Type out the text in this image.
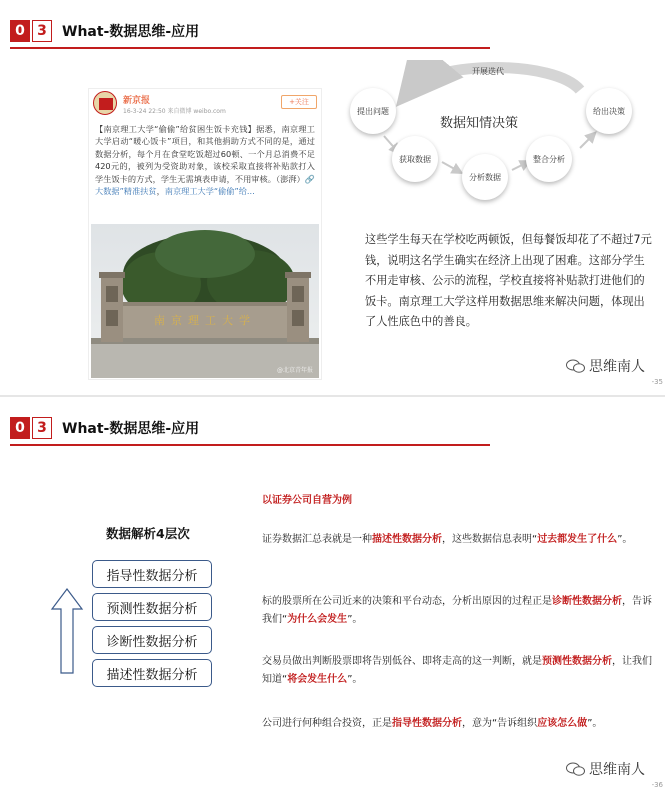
0 3	What-数据思维-应用
新京报
16-3-24 22:50 来自微博 weibo.com
+关注
【南京理工大学“偷偷”给贫困生饭卡充钱】据悉，南京理工大学启动“暖心饭卡”项目，和其他捐助方式不同的是，通过数据分析，每个月在食堂吃饭超过60顿、一个月总消费不足420元的，被列为受资助对象，该校采取直接将补贴款打入学生饭卡的方式，学生无需填表申请，不用审核。（澎湃）🔗大数据”精准扶贫，南京理工大学“偷偷”给...
南京理工大学
@北京青年报
开展迭代
数据知情决策
提出问题
获取数据
分析数据
整合分析
给出决策
这些学生每天在学校吃两顿饭，但每餐饭却花了不超过7元钱，说明这名学生确实在经济上出现了困难。这部分学生不用走审核、公示的流程，学校直接将补贴款打进他们的饭卡。南京理工大学这样用数据思维来解决问题，体现出了人性底色中的善良。
思维南人
-35
0 3	What-数据思维-应用
数据解析4层次
指导性数据分析
预测性数据分析
诊断性数据分析
描述性数据分析
以证券公司自营为例
证券数据汇总表就是一种描述性数据分析，这些数据信息表明“过去都发生了什么”。
标的股票所在公司近来的决策和平台动态，分析出原因的过程正是诊断性数据分析，告诉我们“为什么会发生”。
交易员做出判断股票即将告别低谷、即将走高的这一判断，就是预测性数据分析，让我们知道“将会发生什么”。
公司进行何种组合投资，正是指导性数据分析，意为“告诉组织应该怎么做”。
思维南人
-36
